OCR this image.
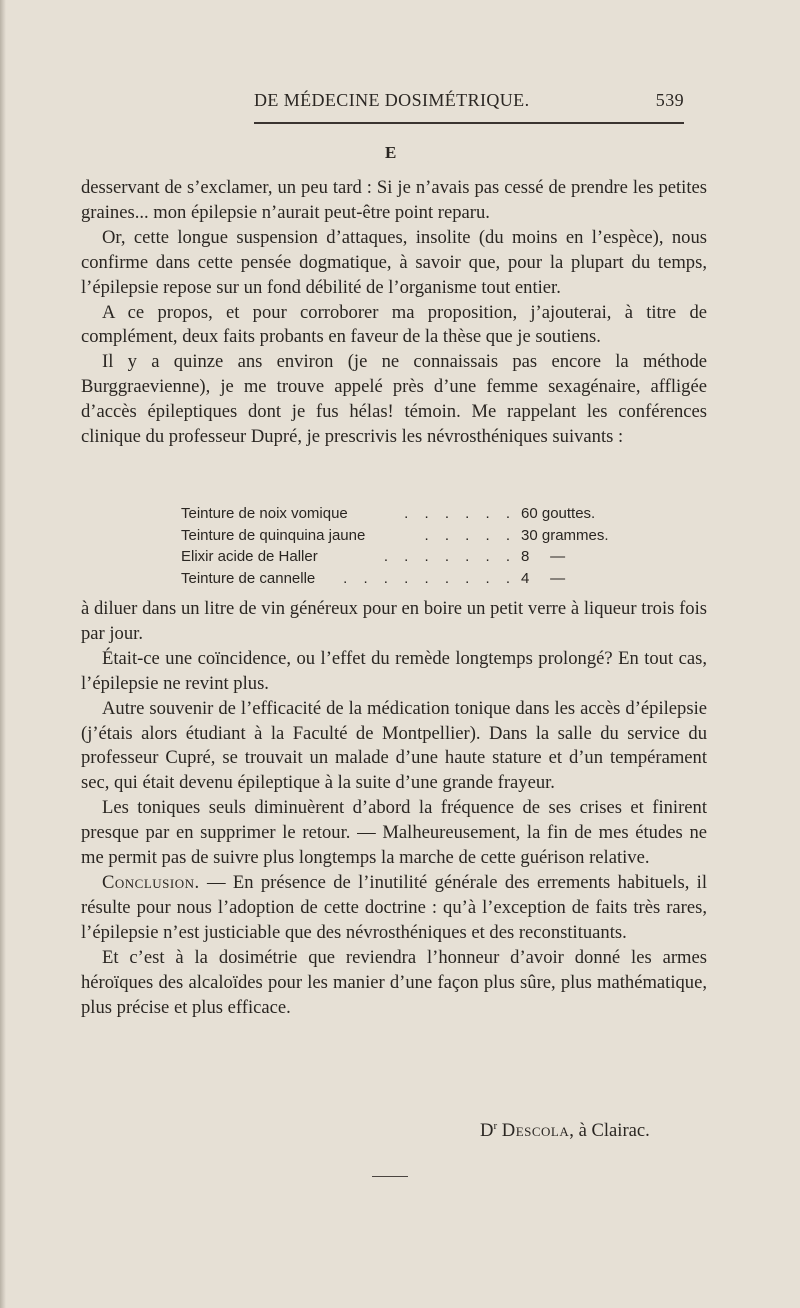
DE MÉDECINE DOSIMÉTRIQUE.	539
E

desservant de s’exclamer, un peu tard : Si je n’avais pas cessé de prendre les petites graines... mon épilepsie n’aurait peut-être point reparu.

Or, cette longue suspension d’attaques, insolite (du moins en l’espèce), nous confirme dans cette pensée dogmatique, à savoir que, pour la plupart du temps, l’épilepsie repose sur un fond débilité de l’organisme tout entier.

A ce propos, et pour corroborer ma proposition, j’ajouterai, à titre de complément, deux faits probants en faveur de la thèse que je soutiens.

Il y a quinze ans environ (je ne connaissais pas encore la méthode Burggraevienne), je me trouve appelé près d’une femme sexagénaire, affligée d’accès épileptiques dont je fus hélas! témoin. Me rappelant les conférences clinique du professeur Dupré, je prescrivis les névrosthéniques suivants :

Teinture de noix vomique	. . . . . . 60 gouttes.
Teinture de quinquina jaune	. . . . . 30 grammes.
Elixir acide de Haller	. . . . . . . 8     —
Teinture de cannelle	. . . . . . . . . 4     —

à diluer dans un litre de vin généreux pour en boire un petit verre à liqueur trois fois par jour.

Était-ce une coïncidence, ou l’effet du remède longtemps prolongé? En tout cas, l’épilepsie ne revint plus.

Autre souvenir de l’efficacité de la médication tonique dans les accès d’épilepsie (j’étais alors étudiant à la Faculté de Montpellier). Dans la salle du service du professeur Cupré, se trouvait un malade d’une haute stature et d’un tempérament sec, qui était devenu épileptique à la suite d’une grande frayeur.

Les toniques seuls diminuèrent d’abord la fréquence de ses crises et finirent presque par en supprimer le retour. — Malheureusement, la fin de mes études ne me permit pas de suivre plus longtemps la marche de cette guérison relative.

Conclusion. — En présence de l’inutilité générale des errements habituels, il résulte pour nous l’adoption de cette doctrine : qu’à l’exception de faits très rares, l’épilepsie n’est justiciable que des névrosthéniques et des reconstituants.

Et c’est à la dosimétrie que reviendra l’honneur d’avoir donné les armes héroïques des alcaloïdes pour les manier d’une façon plus sûre, plus mathématique, plus précise et plus efficace.

$D^r$ Descola, à Clairac.
